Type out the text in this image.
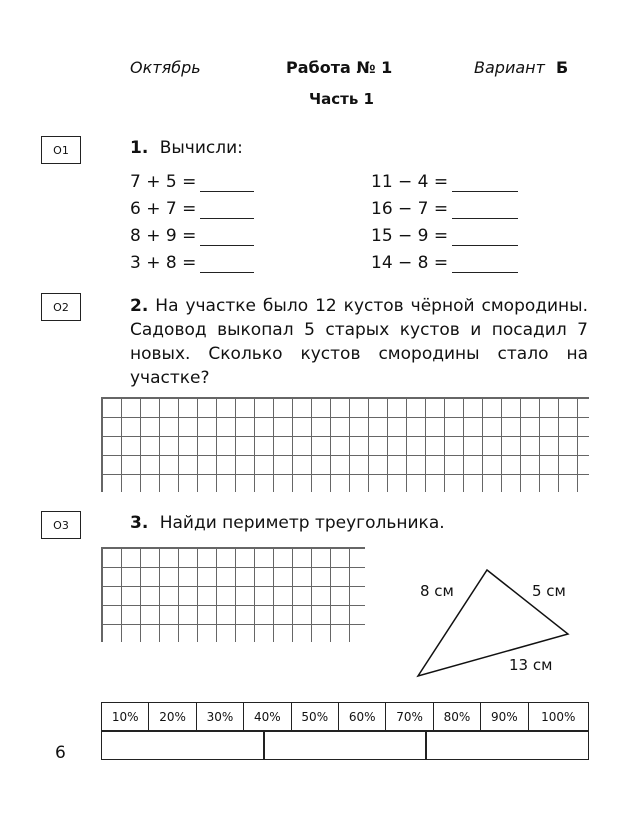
Октябрь	Работа № 1	Вариант Б
Часть 1
О1	1. Вычисли:
7 + 5 =
6 + 7 =
8 + 9 =
3 + 8 =
11 − 4 =
16 − 7 =
15 − 9 =
14 − 8 =
О2	2. На участке было 12 кустов чёрной смородины. Садовод выкопал 5 старых кустов и посадил 7 новых. Сколько кустов смородины стало на участке?
О3	3. Найди периметр треугольника.
8 см	5 см
13 см
10%	20%	30%	40%	50%	60%	70%	80%	90%	100%
6
